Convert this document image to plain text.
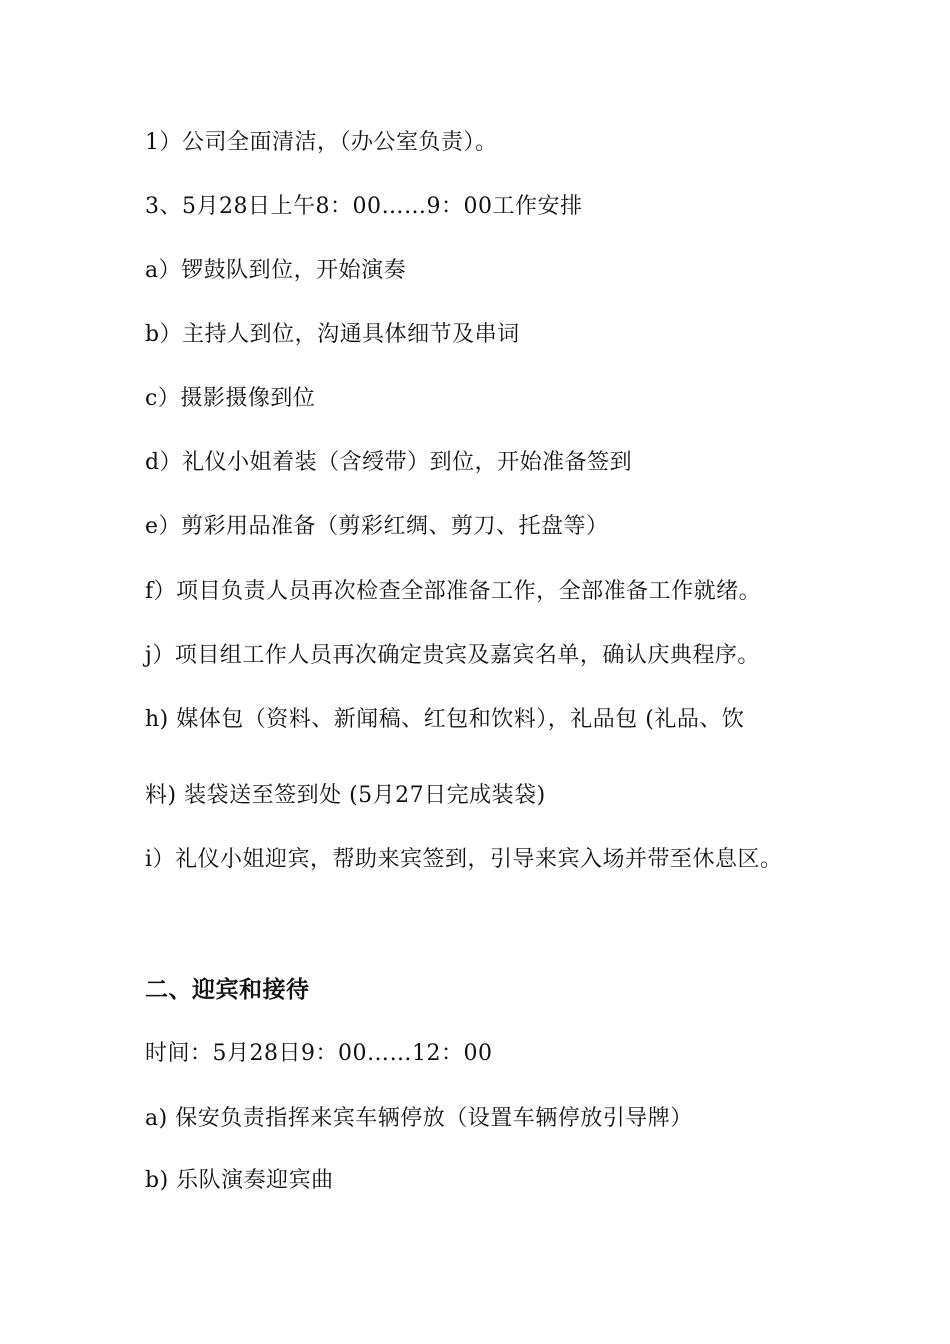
1）公司全面清洁，（办公室负责）。
3、5月28日上午8：00……9：00工作安排
a）锣鼓队到位，开始演奏
b）主持人到位，沟通具体细节及串词
c）摄影摄像到位
d）礼仪小姐着装（含绶带）到位，开始准备签到
e）剪彩用品准备（剪彩红绸、剪刀、托盘等）
f）项目负责人员再次检查全部准备工作，全部准备工作就绪。
j）项目组工作人员再次确定贵宾及嘉宾名单，确认庆典程序。
h) 媒体包（资料、新闻稿、红包和饮料），礼品包 (礼品、饮
料) 装袋送至签到处 (5月27日完成装袋)
i）礼仪小姐迎宾，帮助来宾签到，引导来宾入场并带至休息区。
二、迎宾和接待
时间：5月28日9：00……12：00
a) 保安负责指挥来宾车辆停放（设置车辆停放引导牌）
b) 乐队演奏迎宾曲
